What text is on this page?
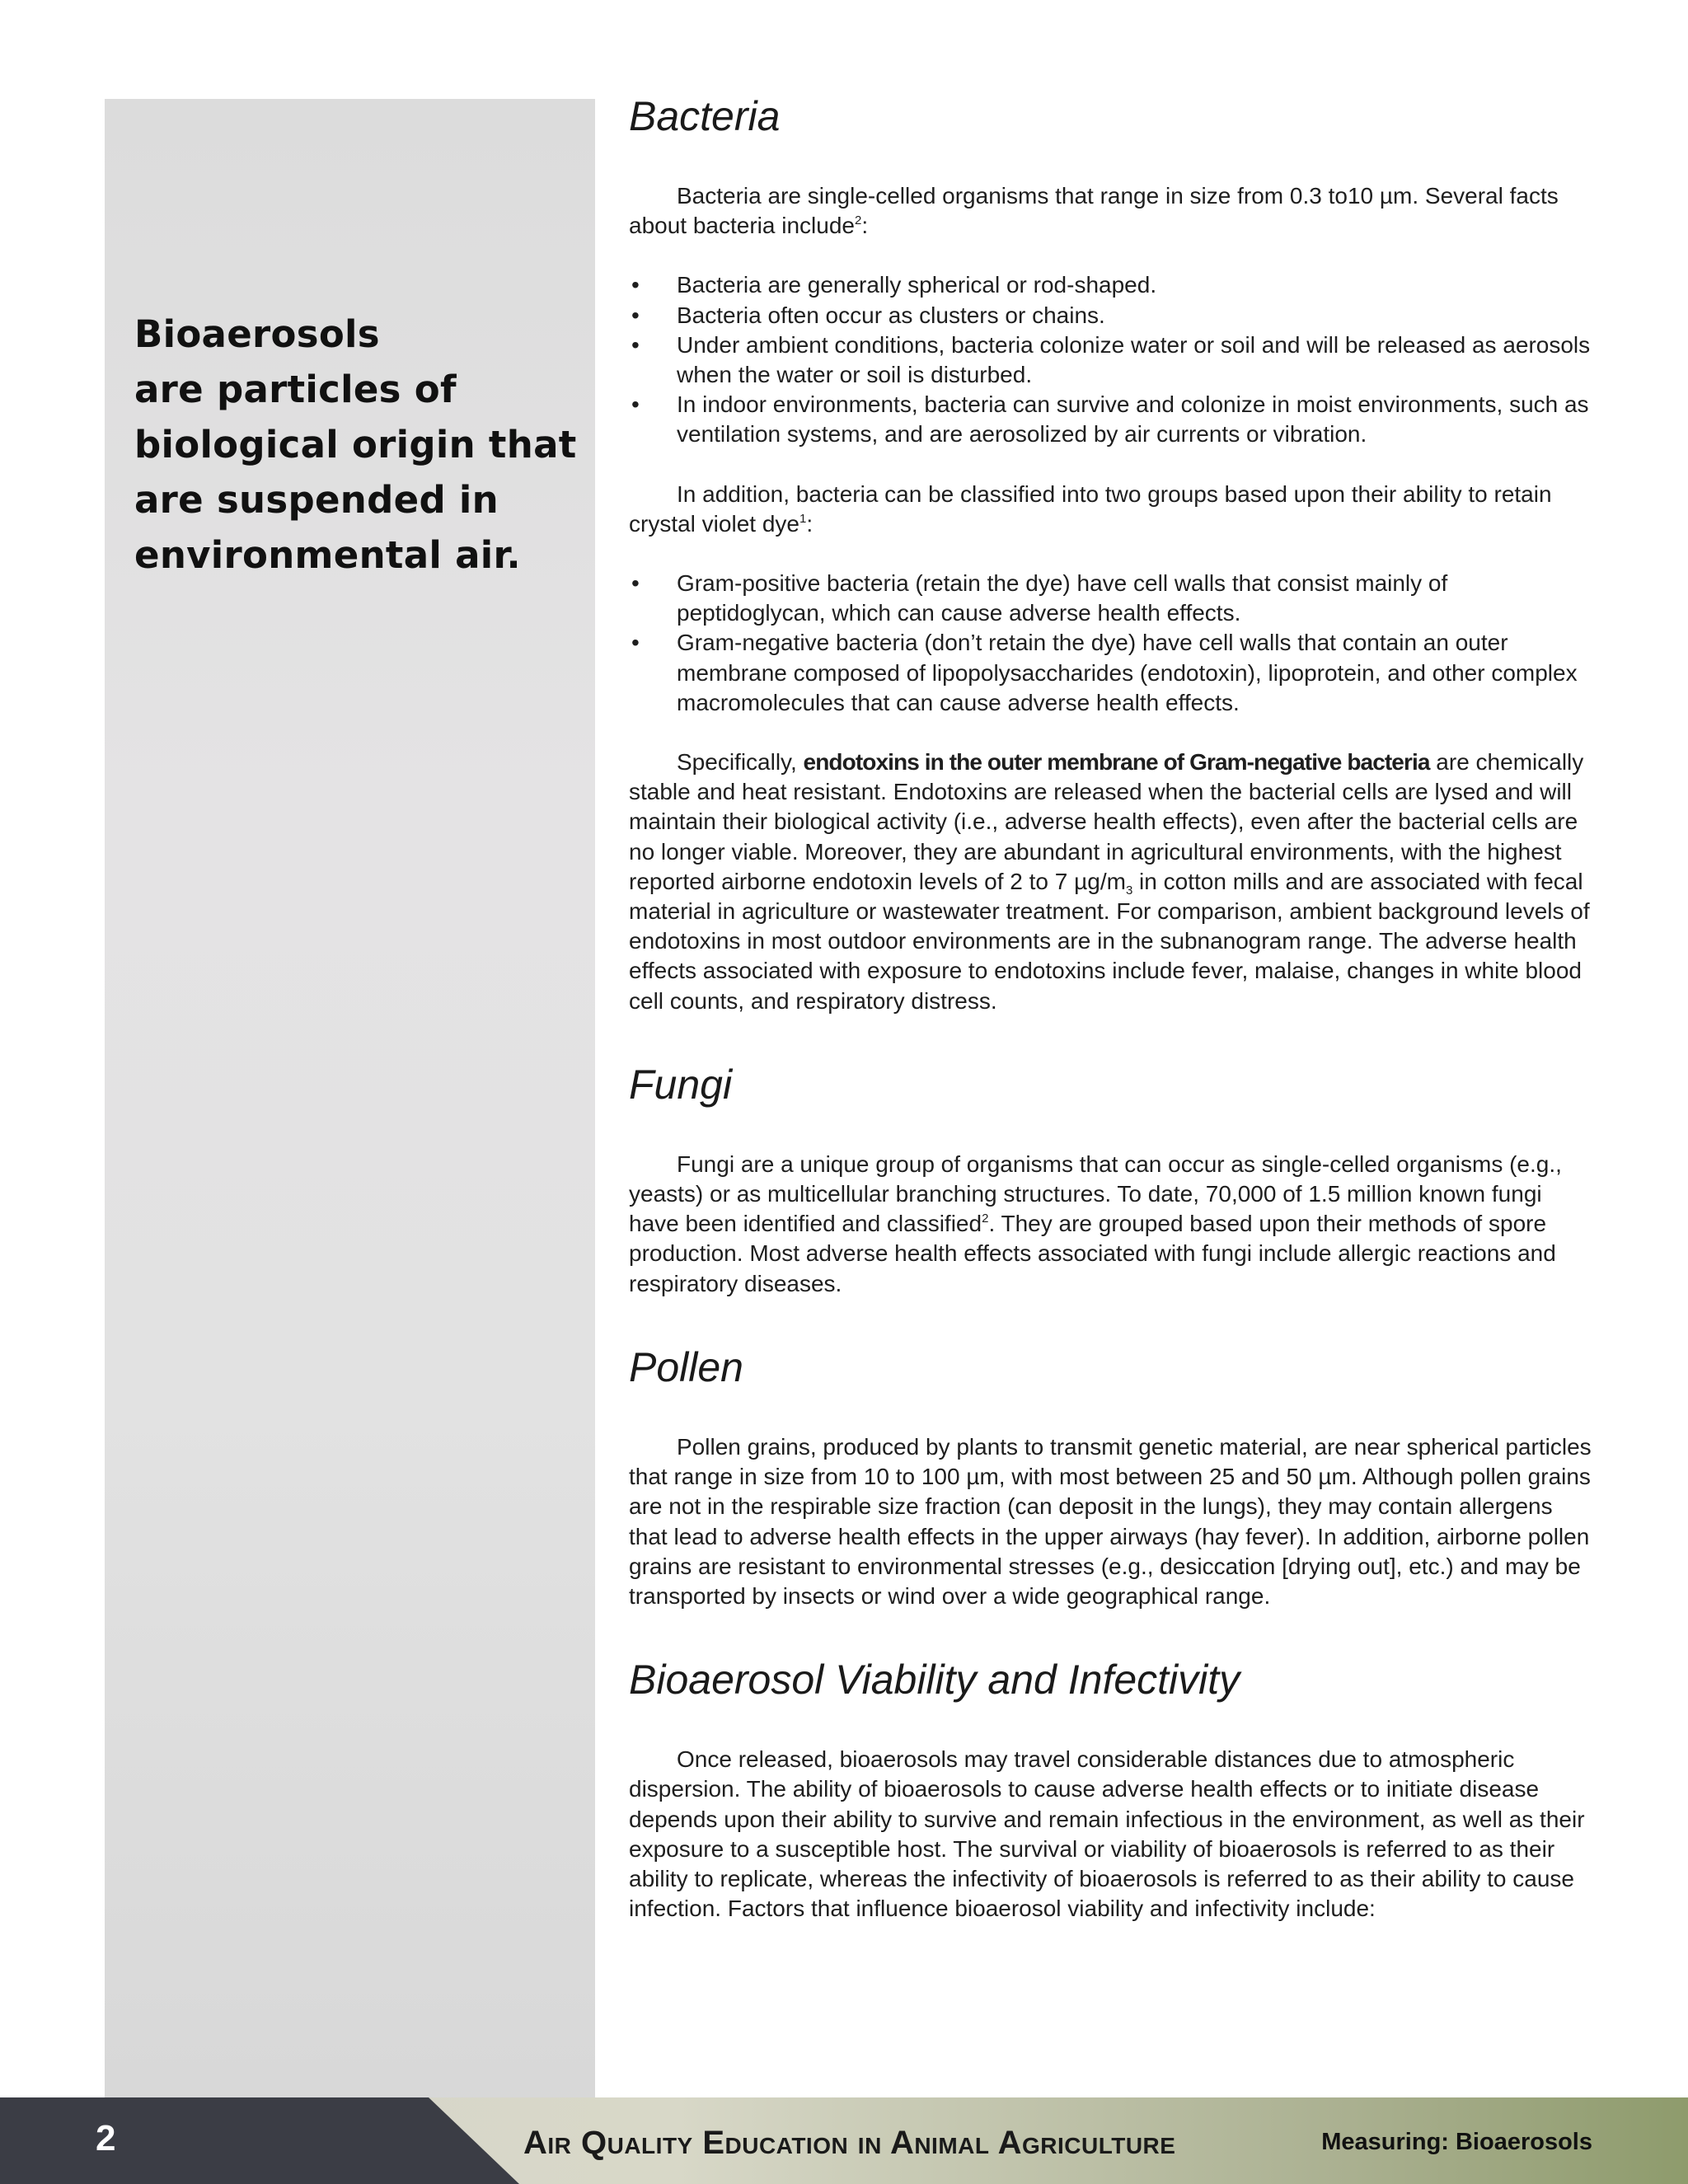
Bioaerosols
are particles of
biological origin that
are suspended in
environmental air.

Bacteria

Bacteria are single-celled organisms that range in size from 0.3 to10 µm. Several facts about bacteria include$^2$:

• Bacteria are generally spherical or rod-shaped.
• Bacteria often occur as clusters or chains.
• Under ambient conditions, bacteria colonize water or soil and will be released as aerosols when the water or soil is disturbed.
• In indoor environments, bacteria can survive and colonize in moist environments, such as ventilation systems, and are aerosolized by air currents or vibration.

In addition, bacteria can be classified into two groups based upon their ability to retain crystal violet dye$^1$:

• Gram-positive bacteria (retain the dye) have cell walls that consist mainly of peptidoglycan, which can cause adverse health effects.
• Gram-negative bacteria (don’t retain the dye) have cell walls that contain an outer membrane composed of lipopolysaccharides (endotoxin), lipoprotein, and other complex macromolecules that can cause adverse health effects.

Specifically, endotoxins in the outer membrane of Gram-negative bacteria are chemically stable and heat resistant. Endotoxins are released when the bacterial cells are lysed and will maintain their biological activity (i.e., adverse health effects), even after the bacterial cells are no longer viable. Moreover, they are abundant in agricultural environments, with the highest reported airborne endotoxin levels of 2 to 7 $\mu g/m_3$ in cotton mills and are associated with fecal material in agriculture or wastewater treatment. For comparison, ambient background levels of endotoxins in most outdoor environments are in the subnanogram range. The adverse health effects associated with exposure to endotoxins include fever, malaise, changes in white blood cell counts, and respiratory distress.

Fungi

Fungi are a unique group of organisms that can occur as single-celled organisms (e.g., yeasts) or as multicellular branching structures. To date, 70,000 of 1.5 million known fungi have been identified and classified$^2$. They are grouped based upon their methods of spore production. Most adverse health effects associated with fungi include allergic reactions and respiratory diseases.

Pollen

Pollen grains, produced by plants to transmit genetic material, are near spherical particles that range in size from 10 to 100 µm, with most between 25 and 50 µm. Although pollen grains are not in the respirable size fraction (can deposit in the lungs), they may contain allergens that lead to adverse health effects in the upper airways (hay fever). In addition, airborne pollen grains are resistant to environmental stresses (e.g., desiccation [drying out], etc.) and may be transported by insects or wind over a wide geographical range.

Bioaerosol Viability and Infectivity

Once released, bioaerosols may travel considerable distances due to atmospheric dispersion. The ability of bioaerosols to cause adverse health effects or to initiate disease depends upon their ability to survive and remain infectious in the environment, as well as their exposure to a susceptible host. The survival or viability of bioaerosols is referred to as their ability to replicate, whereas the infectivity of bioaerosols is referred to as their ability to cause infection. Factors that influence bioaerosol viability and infectivity include:

2	Air Quality Education in Animal Agriculture	Measuring: Bioaerosols
